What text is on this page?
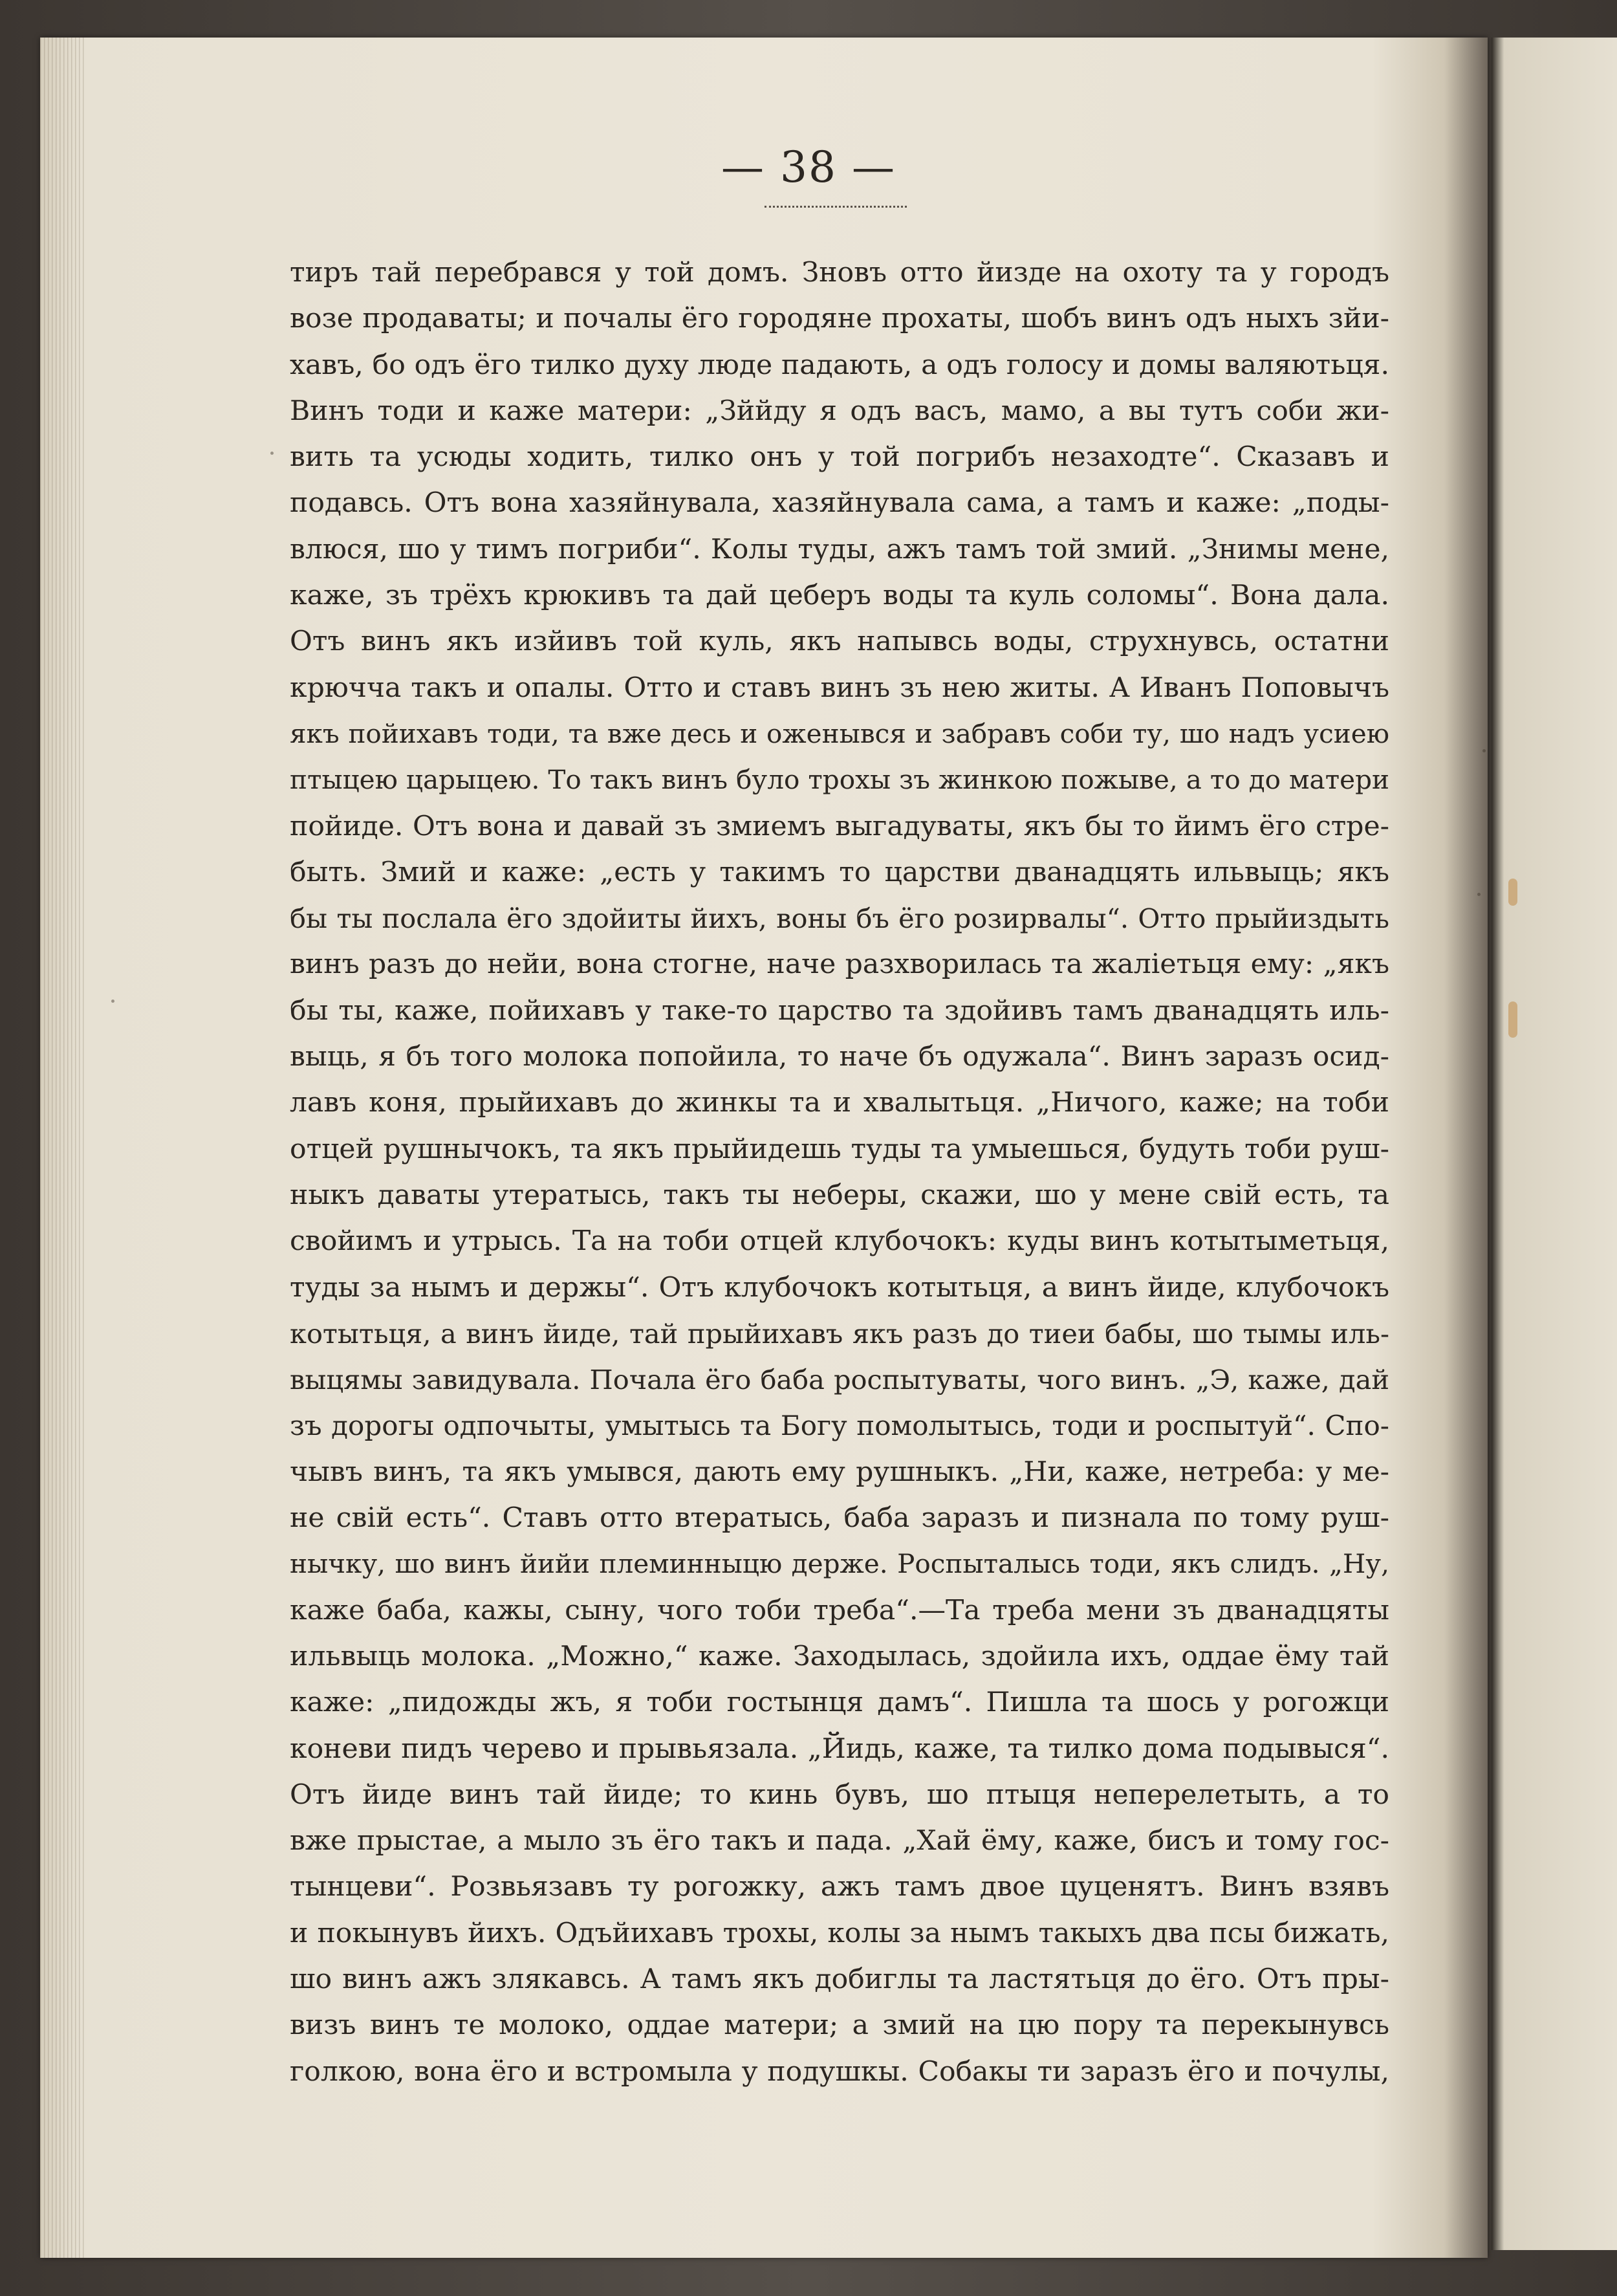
— 38 —
тиръ тай перебрався у той домъ. Зновъ отто йизде на охоту та у городъ
возе продаваты; и почалы ёго городяне прохаты, шобъ винъ одъ ныхъ зйи-
хавъ, бо одъ ёго тилко духу люде падають, а одъ голосу и домы валяютьця.
Винъ тоди и каже матери: „Зййду я одъ васъ, мамо, а вы тутъ соби жи-
вить та усюды ходить, тилко онъ у той погрибъ незаходте“. Сказавъ и
подавсь. Отъ вона хазяйнувала, хазяйнувала сама, а тамъ и каже: „поды-
влюся, шо у тимъ погриби“. Колы туды, ажъ тамъ той змий. „Знимы мене,
каже, зъ трёхъ крюкивъ та дай цеберъ воды та куль соломы“. Вона дала.
Отъ винъ якъ изйивъ той куль, якъ напывсь воды, струхнувсь, остатни
крючча такъ и опалы. Отто и ставъ винъ зъ нею житы. А Иванъ Поповычъ
якъ пойихавъ тоди, та вже десь и оженывся и забравъ соби ту, шо надъ усиею
птыцею царыцею. То такъ винъ було трохы зъ жинкою пожыве, а то до матери
пойиде. Отъ вона и давай зъ змиемъ выгадуваты, якъ бы то йимъ ёго стре-
быть. Змий и каже: „есть у такимъ то царстви дванадцять ильвыць; якъ
бы ты послала ёго здойиты йихъ, воны бъ ёго розирвалы“. Отто прыйиздыть
винъ разъ до нейи, вона стогне, наче разхворилась та жаліетьця ему: „якъ
бы ты, каже, пойихавъ у таке-то царство та здойивъ тамъ дванадцять иль-
выць, я бъ того молока попойила, то наче бъ одужала“. Винъ заразъ осид-
лавъ коня, прыйихавъ до жинкы та и хвалытьця. „Ничого, каже; на тоби
отцей рушнычокъ, та якъ прыйидешь туды та умыешься, будуть тоби руш-
ныкъ даваты утератысь, такъ ты неберы, скажи, шо у мене свій есть, та
свойимъ и утрысь. Та на тоби отцей клубочокъ: куды винъ котытыметьця,
туды за нымъ и держы“. Отъ клубочокъ котытьця, а винъ йиде, клубочокъ
котытьця, а винъ йиде, тай прыйихавъ якъ разъ до тиеи бабы, шо тымы иль-
выцямы завидувала. Почала ёго баба роспытуваты, чого винъ. „Э, каже, дай
зъ дорогы одпочыты, умытысь та Богу помолытысь, тоди и роспытуй“. Спо-
чывъ винъ, та якъ умывся, дають ему рушныкъ. „Ни, каже, нетреба: у ме-
не свій есть“. Ставъ отто втератысь, баба заразъ и пизнала по тому руш-
нычку, шо винъ йийи племинныцю держе. Роспыталысь тоди, якъ слидъ. „Ну,
каже баба, кажы, сыну, чого тоби треба“.—Та треба мени зъ дванадцяты
ильвыць молока. „Можно,“ каже. Заходылась, здойила ихъ, оддае ёму тай
каже: „пидожды жъ, я тоби гостынця дамъ“. Пишла та шось у рогожци
коневи пидъ черево и прывьязала. „Йидь, каже, та тилко дома подывыся“.
Отъ йиде винъ тай йиде; то кинь бувъ, шо птыця неперелетыть, а то
вже прыстае, а мыло зъ ёго такъ и пада. „Хай ёму, каже, бисъ и тому гос-
тынцеви“. Розвьязавъ ту рогожку, ажъ тамъ двое цуценятъ. Винъ взявъ
и покынувъ йихъ. Одъйихавъ трохы, колы за нымъ такыхъ два псы бижать,
шо винъ ажъ злякавсь. А тамъ якъ добиглы та ластятьця до ёго. Отъ пры-
визъ винъ те молоко, оддае матери; а змий на цю пору та перекынувсь
голкою, вона ёго и встромыла у подушкы. Собакы ти заразъ ёго и почулы,
